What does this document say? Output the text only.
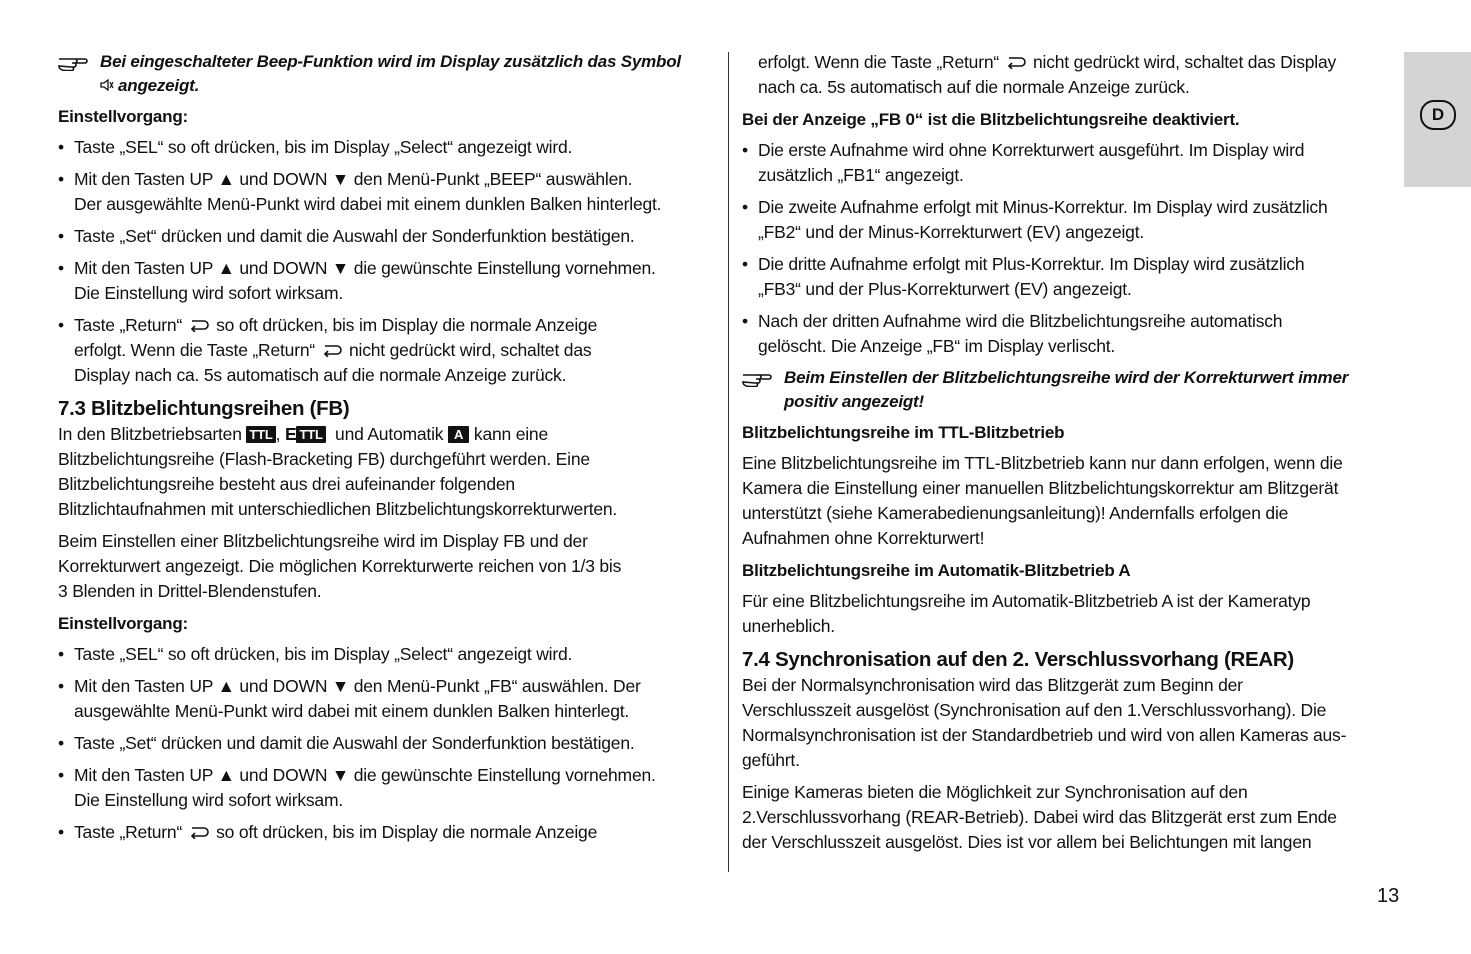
D
Bei eingeschalteter Beep-Funktion wird im Display zusätzlich das Symbol
angezeigt.
Einstellvorgang:
• Taste „SEL“ so oft drücken, bis im Display „Select“ angezeigt wird.
• Mit den Tasten UP ▲ und DOWN ▼ den Menü-Punkt „BEEP“ auswählen.
Der ausgewählte Menü-Punkt wird dabei mit einem dunklen Balken hinterlegt.
• Taste „Set“ drücken und damit die Auswahl der Sonderfunktion bestätigen.
• Mit den Tasten UP ▲ und DOWN ▼ die gewünschte Einstellung vornehmen.
Die Einstellung wird sofort wirksam.
• Taste „Return“ so oft drücken, bis im Display die normale Anzeige
erfolgt. Wenn die Taste „Return“ nicht gedrückt wird, schaltet das
Display nach ca. 5s automatisch auf die normale Anzeige zurück.
7.3 Blitzbelichtungsreihen (FB)
In den Blitzbetriebsarten TTL , E TTL und Automatik A kann eine
Blitzbelichtungsreihe (Flash-Bracketing FB) durchgeführt werden. Eine
Blitzbelichtungsreihe besteht aus drei aufeinander folgenden
Blitzlichtaufnahmen mit unterschiedlichen Blitzbelichtungskorrekturwerten.
Beim Einstellen einer Blitzbelichtungsreihe wird im Display FB und der
Korrekturwert angezeigt. Die möglichen Korrekturwerte reichen von 1/3 bis
3 Blenden in Drittel-Blendenstufen.
Einstellvorgang:
• Taste „SEL“ so oft drücken, bis im Display „Select“ angezeigt wird.
• Mit den Tasten UP ▲ und DOWN ▼ den Menü-Punkt „FB“ auswählen. Der
ausgewählte Menü-Punkt wird dabei mit einem dunklen Balken hinterlegt.
• Taste „Set“ drücken und damit die Auswahl der Sonderfunktion bestätigen.
• Mit den Tasten UP ▲ und DOWN ▼ die gewünschte Einstellung vornehmen.
Die Einstellung wird sofort wirksam.
• Taste „Return“ so oft drücken, bis im Display die normale Anzeige
erfolgt. Wenn die Taste „Return“ nicht gedrückt wird, schaltet das Display
nach ca. 5s automatisch auf die normale Anzeige zurück.
Bei der Anzeige „FB 0“ ist die Blitzbelichtungsreihe deaktiviert.
• Die erste Aufnahme wird ohne Korrekturwert ausgeführt. Im Display wird
zusätzlich „FB1“ angezeigt.
• Die zweite Aufnahme erfolgt mit Minus-Korrektur. Im Display wird zusätzlich
„FB2“ und der Minus-Korrekturwert (EV) angezeigt.
• Die dritte Aufnahme erfolgt mit Plus-Korrektur. Im Display wird zusätzlich
„FB3“ und der Plus-Korrekturwert (EV) angezeigt.
• Nach der dritten Aufnahme wird die Blitzbelichtungsreihe automatisch
gelöscht. Die Anzeige „FB“ im Display verlischt.
Beim Einstellen der Blitzbelichtungsreihe wird der Korrekturwert immer
positiv angezeigt!
Blitzbelichtungsreihe im TTL-Blitzbetrieb
Eine Blitzbelichtungsreihe im TTL-Blitzbetrieb kann nur dann erfolgen, wenn die
Kamera die Einstellung einer manuellen Blitzbelichtungskorrektur am Blitzgerät
unterstützt (siehe Kamerabedienungsanleitung)! Andernfalls erfolgen die
Aufnahmen ohne Korrekturwert!
Blitzbelichtungsreihe im Automatik-Blitzbetrieb A
Für eine Blitzbelichtungsreihe im Automatik-Blitzbetrieb A ist der Kameratyp
unerheblich.
7.4 Synchronisation auf den 2. Verschlussvorhang (REAR)
Bei der Normalsynchronisation wird das Blitzgerät zum Beginn der
Verschlusszeit ausgelöst (Synchronisation auf den 1.Verschlussvorhang). Die
Normalsynchronisation ist der Standardbetrieb und wird von allen Kameras aus-
geführt.
Einige Kameras bieten die Möglichkeit zur Synchronisation auf den
2.Verschlussvorhang (REAR-Betrieb). Dabei wird das Blitzgerät erst zum Ende
der Verschlusszeit ausgelöst. Dies ist vor allem bei Belichtungen mit langen
13
